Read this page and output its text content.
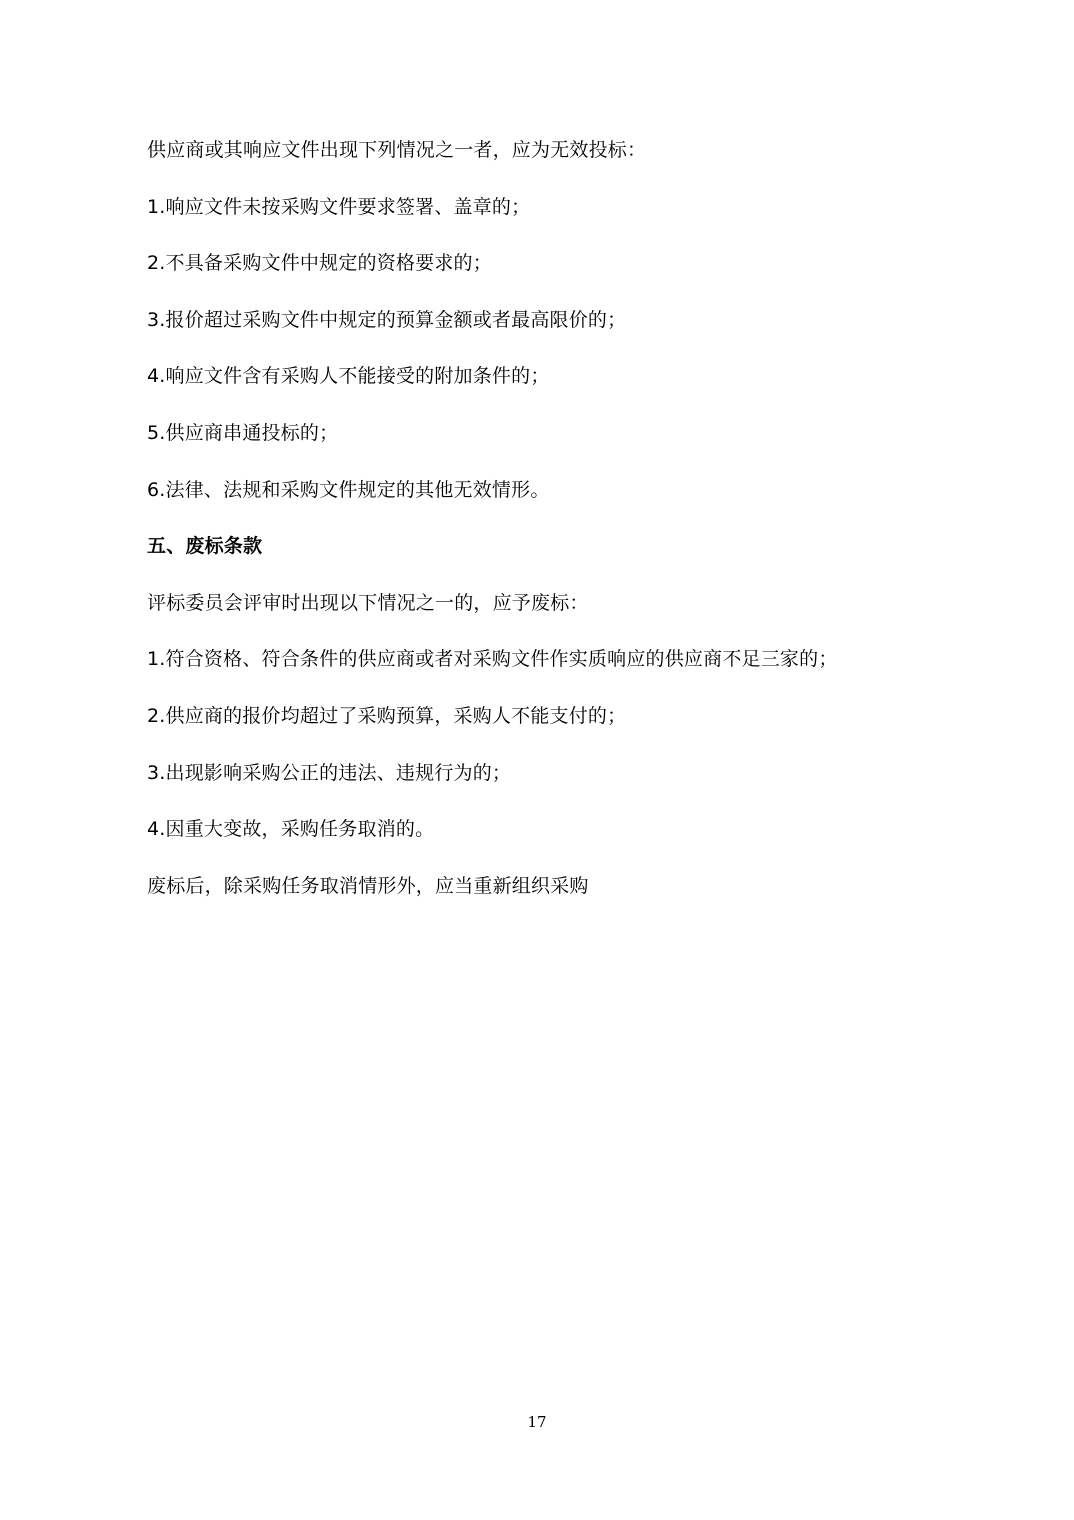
供应商或其响应文件出现下列情况之一者，应为无效投标：

1.响应文件未按采购文件要求签署、盖章的；

2.不具备采购文件中规定的资格要求的；

3.报价超过采购文件中规定的预算金额或者最高限价的；

4.响应文件含有采购人不能接受的附加条件的；

5.供应商串通投标的；

6.法律、法规和采购文件规定的其他无效情形。

五、废标条款

评标委员会评审时出现以下情况之一的，应予废标：

1.符合资格、符合条件的供应商或者对采购文件作实质响应的供应商不足三家的；

2.供应商的报价均超过了采购预算，采购人不能支付的；

3.出现影响采购公正的违法、违规行为的；

4.因重大变故，采购任务取消的。

废标后，除采购任务取消情形外，应当重新组织采购

17
